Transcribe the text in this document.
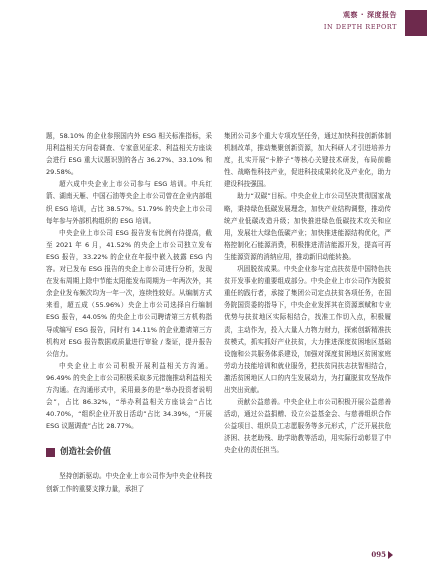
观察 · 深度报告
IN DEPTH REPORT

题，58.10% 的企业参照国内外 ESG 相关标准指标，采用利益相关方问卷调查、专家意见征求、利益相关方座谈会进行 ESG 重大议题识别的各占 36.27%、33.10% 和 29.58%。

超六成中央企业上市公司参与 ESG 培训。中兵红箭、湖南天雁、中国石油等央企上市公司曾在企业内部组织 ESG 培训，占比 38.57%。51.79% 的央企上市公司每年参与外部机构组织的 ESG 培训。

中央企业上市公司 ESG 报告发布比例有待提高，截至 2021 年 6 月，41.52% 的央企上市公司独立发布 ESG 报告，33.22% 的企业在年报中嵌入披露 ESG 内容。对已发布 ESG 报告的央企上市公司进行分析，发现在发布周期上除中节能太阳能发布周期为一年两次外，其余企业发布频次均为一年一次，连续性较好。从编制方式来看，超五成（55.96%）央企上市公司选择自行编制 ESG 报告，44.05% 的央企上市公司聘请第三方机构指导或编写 ESG 报告，同时有 14.11% 的企业邀请第三方机构对 ESG 报告数据或质量进行审验 / 鉴证，提升报告公信力。

中央企业上市公司积极开展利益相关方沟通。96.49% 的央企上市公司积极采取多元措施推动利益相关方沟通。在沟通形式中，采用最多的是“举办投资者说明会”，占比 86.32%，“举办利益相关方座谈会”占比 40.70%，“组织企业开放日活动”占比 34.39%，“开展 ESG 议题调查”占比 28.77%。

创造社会价值

坚持创新驱动。中央企业上市公司作为中央企业科技创新工作的重要支撑力量，承担了

集团公司多个重大专项攻坚任务，通过加快科技创新体制机制改革，推动集聚创新资源，加大科研人才引进培养力度，扎实开展“卡脖子”等核心关键技术研发，布局前瞻性、战略性科技产业，促进科技成果转化及产业化，助力建设科技强国。

助力“双碳”目标。中央企业上市公司坚决贯彻国家战略，秉持绿色低碳发展理念，加快产业结构调整，推动传统产业低碳改造升级；加快推进绿色低碳技术攻关和应用，发展壮大绿色低碳产业；加快推进能源结构优化，严格控制化石能源消费，积极推进清洁能源开发，提高可再生能源资源的消纳应用，推动新旧动能转换。

巩固脱贫成果。中央企业参与定点扶贫是中国特色扶贫开发事业的重要组成部分。中央企业上市公司作为脱贫重任的践行者，承接了集团公司定点扶贫各项任务，在国务院国资委的指导下，中央企业发挥其在资源禀赋和专业优势与扶贫地区实际相结合，找准工作切入点，积极履责，主动作为，投入大量人力物力财力，探索创新精准扶贫模式，抓实抓好产业扶贫，大力推进深度贫困地区基础设施和公共服务体系建设，加强对深度贫困地区贫困家庭劳动力技能培训和就业服务，把扶贫同扶志扶智相结合，激活贫困地区人口的内生发展动力，为打赢脱贫攻坚战作出突出贡献。

贡献公益慈善。中央企业上市公司积极开展公益慈善活动，通过公益捐赠、设立公益基金会、与慈善组织合作公益项目、组织员工志愿服务等多元形式，广泛开展扶危济困、扶老助残、助学助教等活动，用实际行动彰显了中央企业的责任担当。

095
